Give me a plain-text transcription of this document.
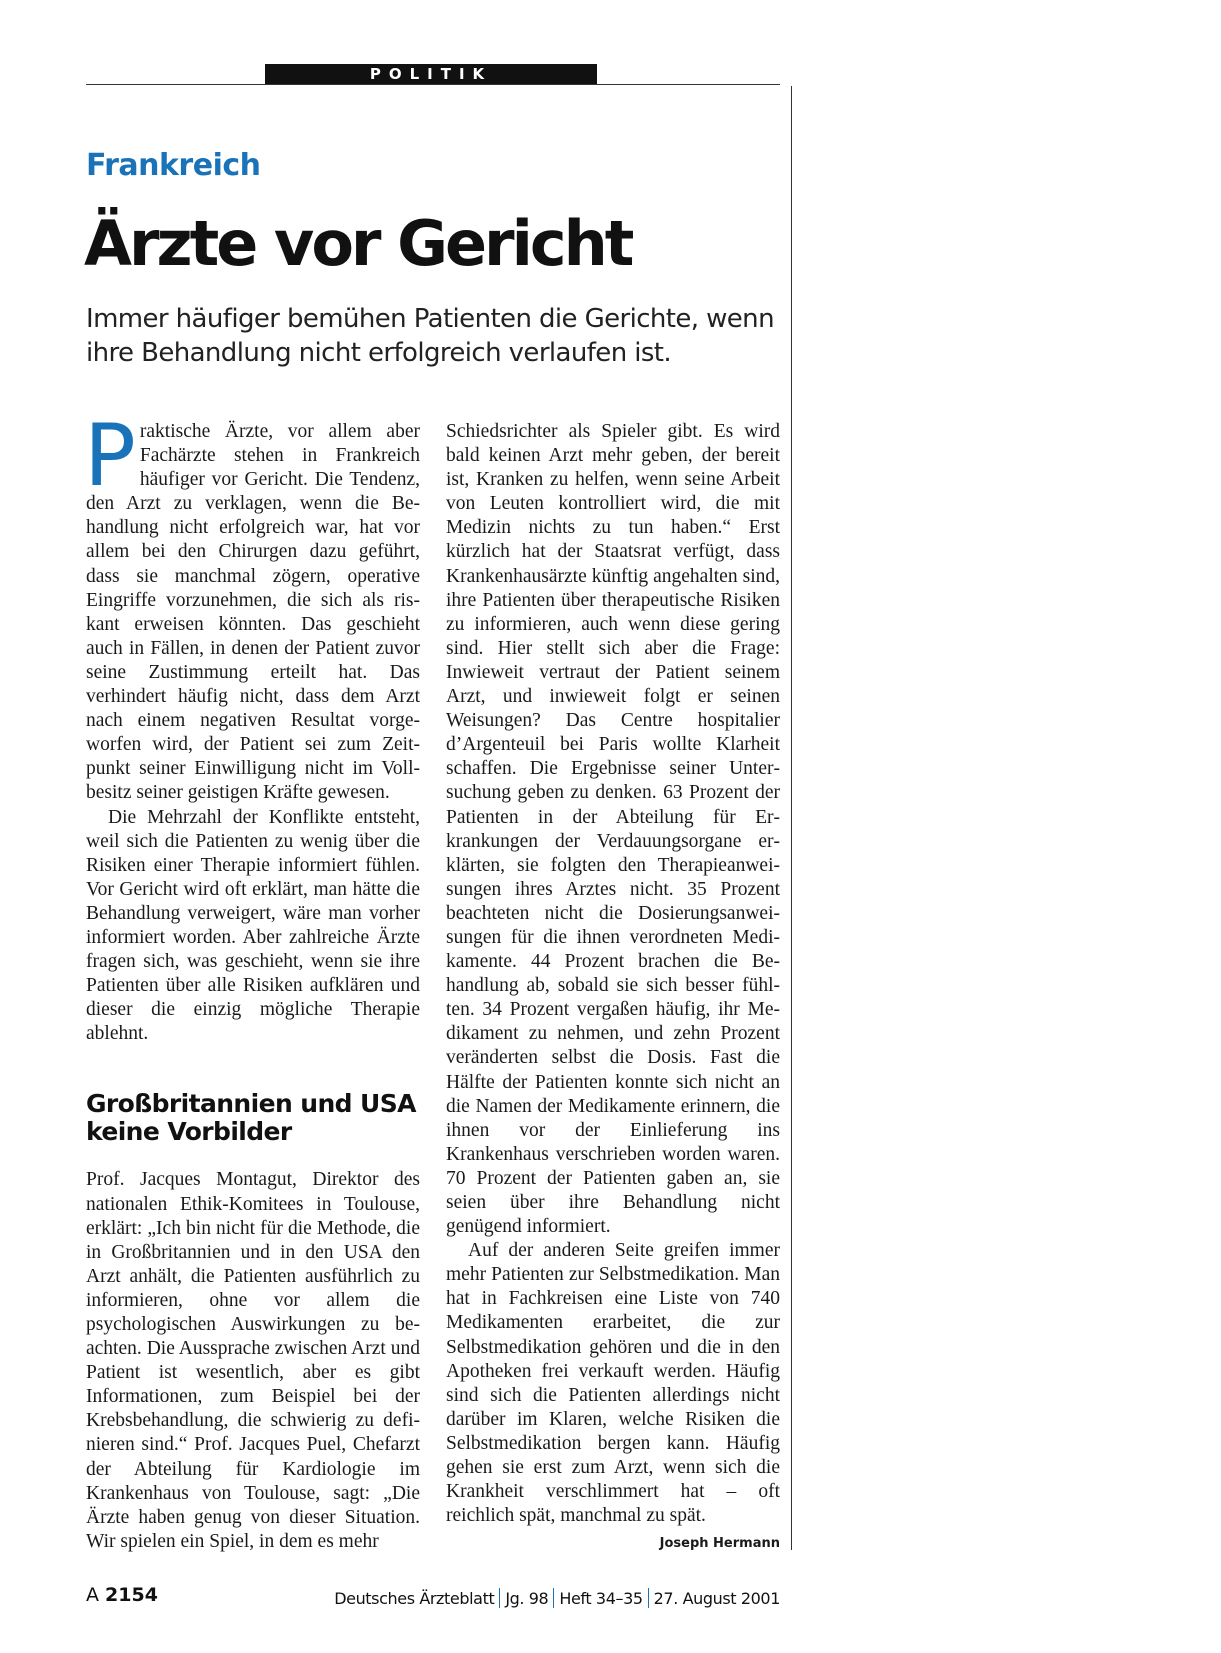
POLITIK
Frankreich
Ärzte vor Gericht
Immer häufiger bemühen Patienten die Gerichte, wenn ihre Behandlung nicht erfolgreich verlaufen ist.

Praktische Ärzte, vor allem aber Fachärzte stehen in Frankreich häufiger vor Gericht. Die Tendenz, den Arzt zu verklagen, wenn die Behandlung nicht erfolgreich war, hat vor allem bei den Chirurgen dazu geführt, dass sie manchmal zögern, operative Eingriffe vorzunehmen, die sich als riskant erweisen könnten. Das geschieht auch in Fällen, in denen der Patient zuvor seine Zustimmung erteilt hat. Das verhindert häufig nicht, dass dem Arzt nach einem negativen Resultat vorgeworfen wird, der Patient sei zum Zeitpunkt seiner Einwilligung nicht im Vollbesitz seiner geistigen Kräfte gewesen.

Die Mehrzahl der Konflikte entsteht, weil sich die Patienten zu wenig über die Risiken einer Therapie informiert fühlen. Vor Gericht wird oft erklärt, man hätte die Behandlung verweigert, wäre man vorher informiert worden. Aber zahlreiche Ärzte fragen sich, was geschieht, wenn sie ihre Patienten über alle Risiken aufklären und dieser die einzig mögliche Therapie ablehnt.

Großbritannien und USA keine Vorbilder

Prof. Jacques Montagut, Direktor des nationalen Ethik-Komitees in Toulouse, erklärt: „Ich bin nicht für die Methode, die in Großbritannien und in den USA den Arzt anhält, die Patienten ausführlich zu informieren, ohne vor allem die psychologischen Auswirkungen zu beachten. Die Aussprache zwischen Arzt und Patient ist wesentlich, aber es gibt Informationen, zum Beispiel bei der Krebsbehandlung, die schwierig zu definieren sind.“ Prof. Jacques Puel, Chefarzt der Abteilung für Kardiologie im Krankenhaus von Toulouse, sagt: „Die Ärzte haben genug von dieser Situation. Wir spielen ein Spiel, in dem es mehr

Schiedsrichter als Spieler gibt. Es wird bald keinen Arzt mehr geben, der bereit ist, Kranken zu helfen, wenn seine Arbeit von Leuten kontrolliert wird, die mit Medizin nichts zu tun haben.“ Erst kürzlich hat der Staatsrat verfügt, dass Krankenhausärzte künftig angehalten sind, ihre Patienten über therapeutische Risiken zu informieren, auch wenn diese gering sind. Hier stellt sich aber die Frage: Inwieweit vertraut der Patient seinem Arzt, und inwieweit folgt er seinen Weisungen? Das Centre hospitalier d’Argenteuil bei Paris wollte Klarheit schaffen. Die Ergebnisse seiner Untersuchung geben zu denken. 63 Prozent der Patienten in der Abteilung für Erkrankungen der Verdauungsorgane erklärten, sie folgten den Therapieanweisungen ihres Arztes nicht. 35 Prozent beachteten nicht die Dosierungsanweisungen für die ihnen verordneten Medikamente. 44 Prozent brachen die Behandlung ab, sobald sie sich besser fühlten. 34 Prozent vergaßen häufig, ihr Medikament zu nehmen, und zehn Prozent veränderten selbst die Dosis. Fast die Hälfte der Patienten konnte sich nicht an die Namen der Medikamente erinnern, die ihnen vor der Einlieferung ins Krankenhaus verschrieben worden waren. 70 Prozent der Patienten gaben an, sie seien über ihre Behandlung nicht genügend informiert.

Auf der anderen Seite greifen immer mehr Patienten zur Selbstmedikation. Man hat in Fachkreisen eine Liste von 740 Medikamenten erarbeitet, die zur Selbstmedikation gehören und die in den Apotheken frei verkauft werden. Häufig sind sich die Patienten allerdings nicht darüber im Klaren, welche Risiken die Selbstmedikation bergen kann. Häufig gehen sie erst zum Arzt, wenn sich die Krankheit verschlimmert hat – oft reichlich spät, manchmal zu spät.
Joseph Hermann

A 2154	Deutsches Ärzteblatt Jg. 98 Heft 34–35 27. August 2001
